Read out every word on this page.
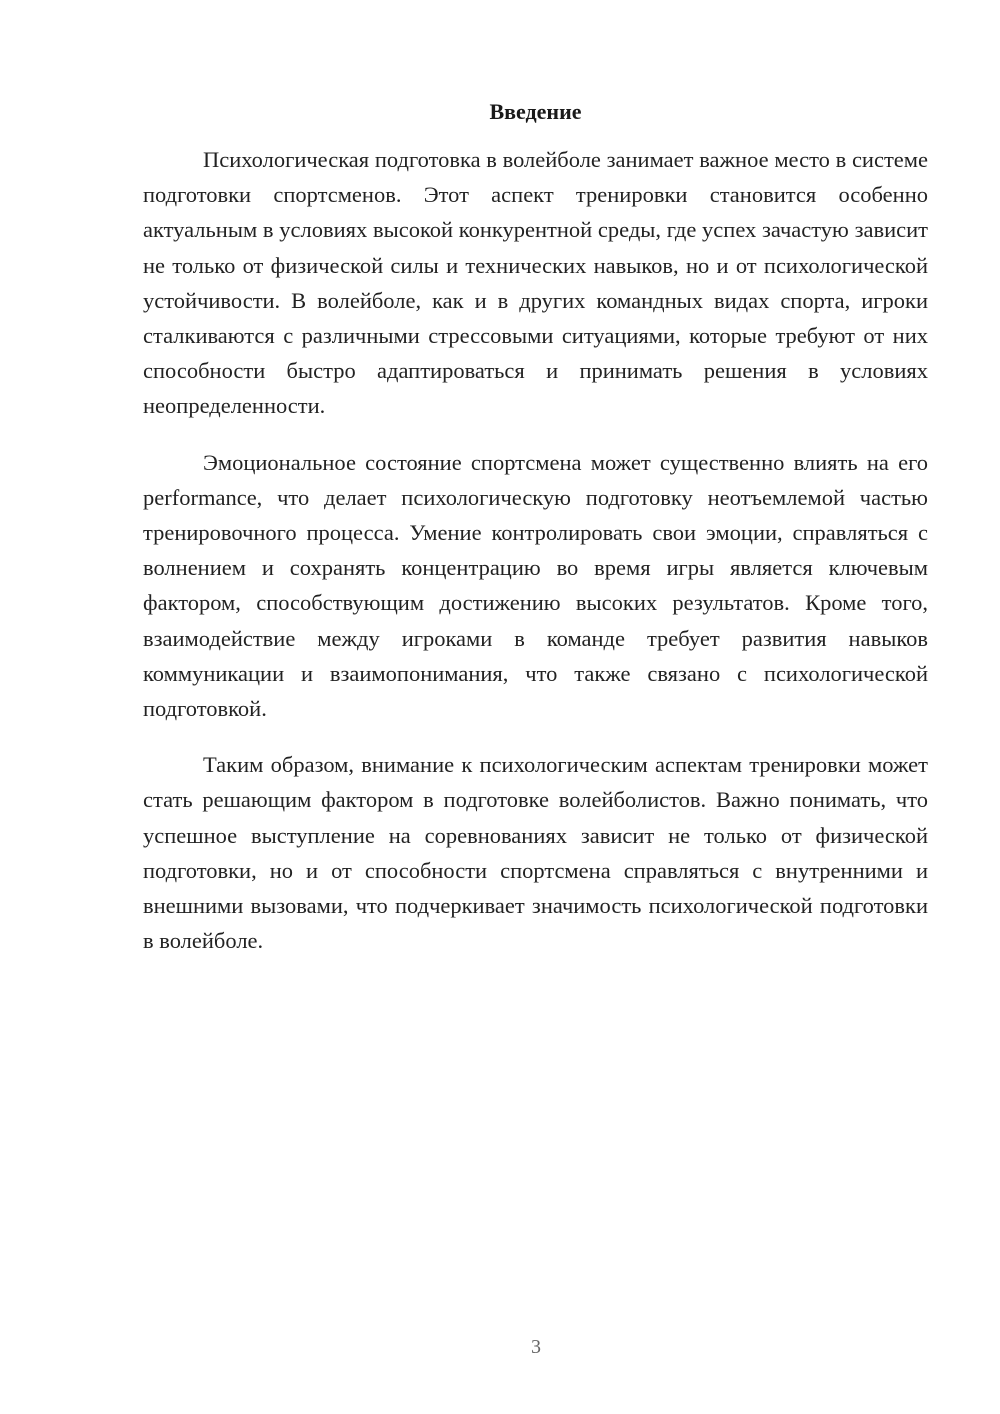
Введение

Психологическая подготовка в волейболе занимает важное место в системе подготовки спортсменов. Этот аспект тренировки становится особенно актуальным в условиях высокой конкурентной среды, где успех зачастую зависит не только от физической силы и технических навыков, но и от психологической устойчивости. В волейболе, как и в других командных видах спорта, игроки сталкиваются с различными стрессовыми ситуациями, которые требуют от них способности быстро адаптироваться и принимать решения в условиях неопределенности.

Эмоциональное состояние спортсмена может существенно влиять на его performance, что делает психологическую подготовку неотъемлемой частью тренировочного процесса. Умение контролировать свои эмоции, справляться с волнением и сохранять концентрацию во время игры является ключевым фактором, способствующим достижению высоких результатов. Кроме того, взаимодействие между игроками в команде требует развития навыков коммуникации и взаимопонимания, что также связано с психологической подготовкой.

Таким образом, внимание к психологическим аспектам тренировки может стать решающим фактором в подготовке волейболистов. Важно понимать, что успешное выступление на соревнованиях зависит не только от физической подготовки, но и от способности спортсмена справляться с внутренними и внешними вызовами, что подчеркивает значимость психологической подготовки в волейболе.

3
